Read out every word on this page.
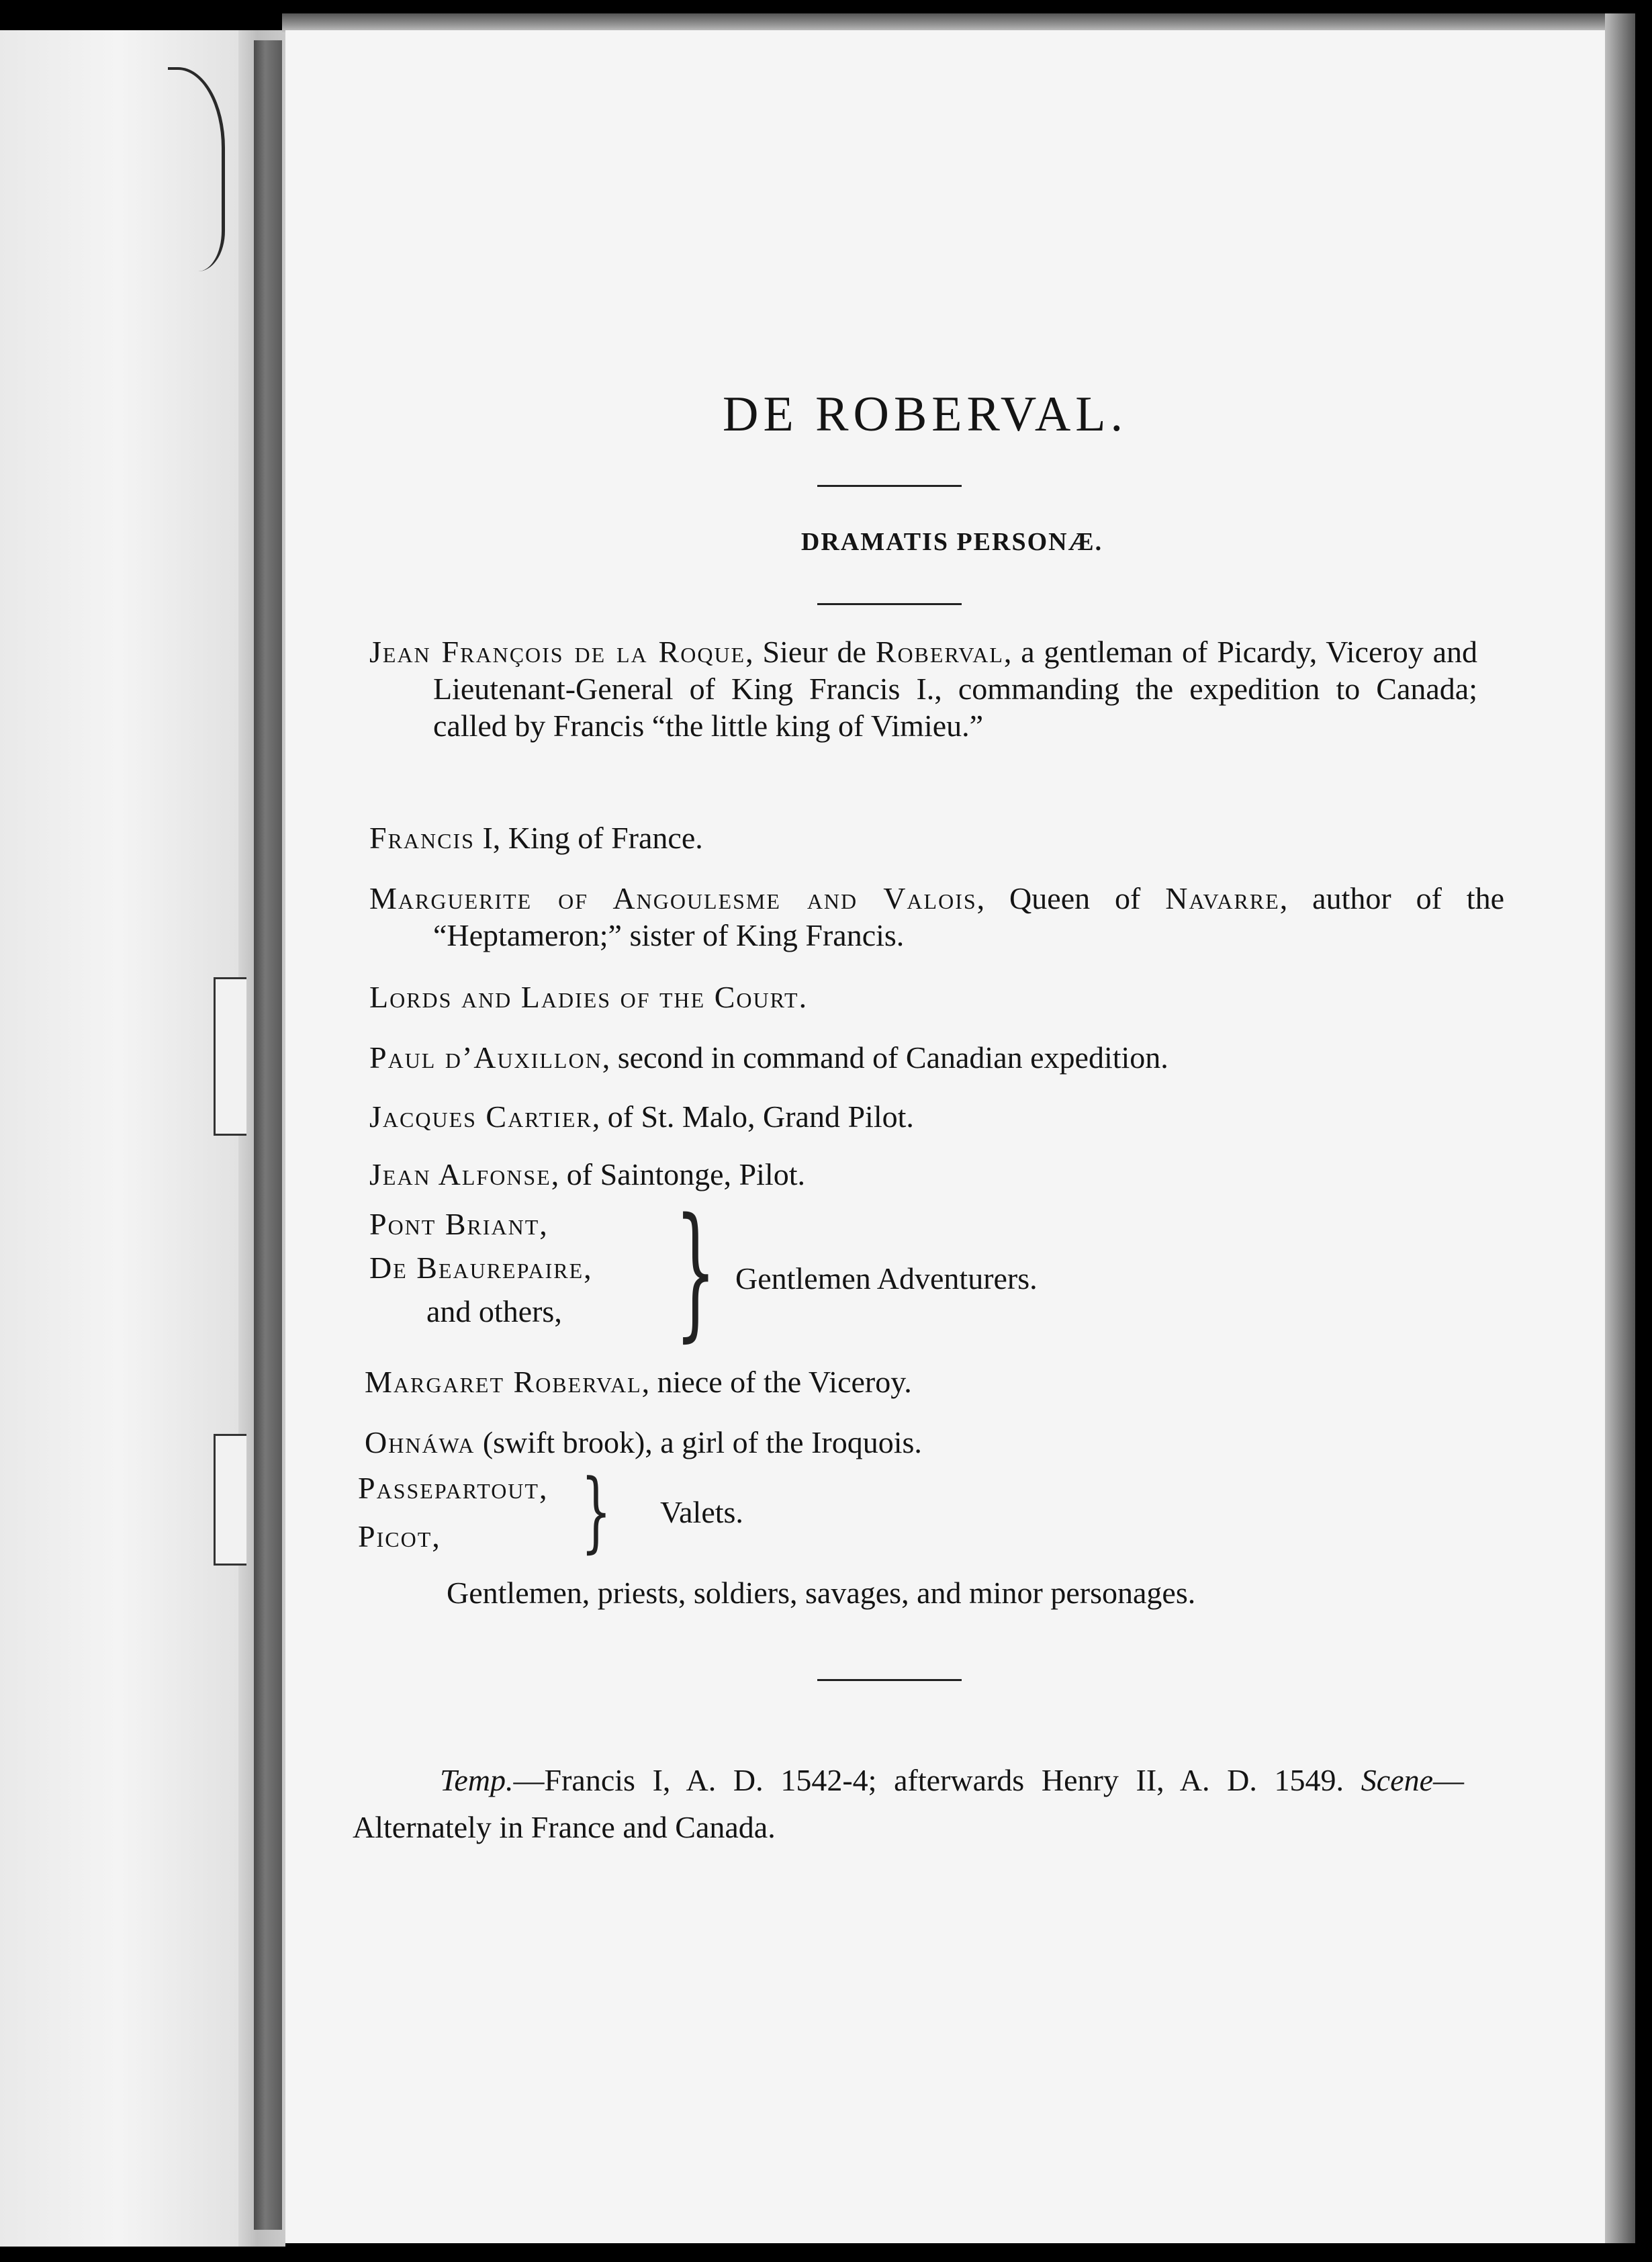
DE ROBERVAL.
DRAMATIS PERSONÆ.
Jean François de la Roque, Sieur de Roberval, a gentleman of Picardy, Viceroy and Lieutenant-General of King Francis I., commanding the expedition to Canada; called by Francis “the little king of Vimieu.”
Francis I, King of France.
Marguerite of Angoulesme and Valois, Queen of Navarre, author of the “Heptameron;” sister of King Francis.
Lords and Ladies of the Court.
Paul d’Auxillon, second in command of Canadian expedition.
Jacques Cartier, of St. Malo, Grand Pilot.
Jean Alfonse, of Saintonge, Pilot.
Pont Briant,
De Beaurepaire,
and others, } Gentlemen Adventurers.
Margaret Roberval, niece of the Viceroy.
Ohnáwa (swift brook), a girl of the Iroquois.
Passepartout,
Picot,	} Valets.
Gentlemen, priests, soldiers, savages, and minor personages.

Temp.—Francis I, A. D. 1542-4; afterwards Henry II, A. D. 1549. Scene—Alternately in France and Canada.
